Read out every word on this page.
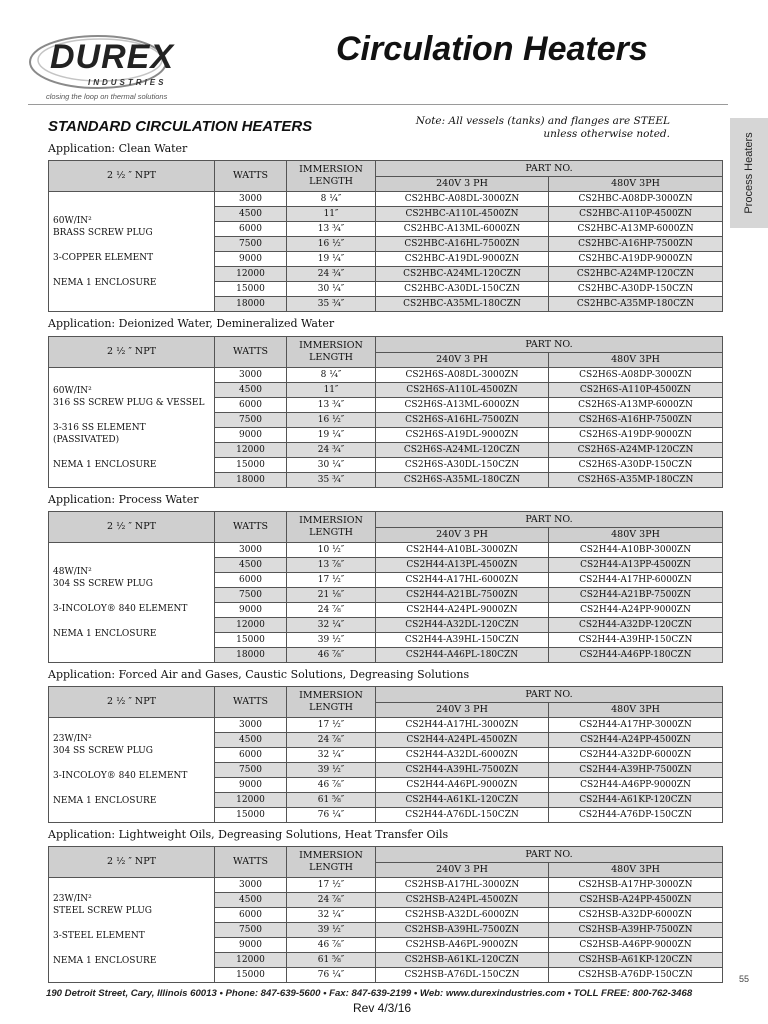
DUREX
INDUSTRIES
closing the loop on thermal solutions
Circulation Heaters
Process Heaters
STANDARD CIRCULATION HEATERS	Note: All vessels (tanks) and flanges are STEEL
unless otherwise noted.
Application: Clean Water
2 ½ ″ NPT	WATTS	IMMERSION
LENGTH	PART NO.	
			240V 3 PH	480V 3PH

60W/IN²
BRASS SCREW PLUG
3-COPPER ELEMENT
NEMA 1 ENCLOSURE	3000	8 ¼″	CS2HBC-A08DL-3000ZN	CS2HBC-A08DP-3000ZN
	4500	11″	CS2HBC-A110L-4500ZN	CS2HBC-A110P-4500ZN
	6000	13 ¾″	CS2HBC-A13ML-6000ZN	CS2HBC-A13MP-6000ZN
	7500	16 ½″	CS2HBC-A16HL-7500ZN	CS2HBC-A16HP-7500ZN
	9000	19 ¼″	CS2HBC-A19DL-9000ZN	CS2HBC-A19DP-9000ZN
	12000	24 ¾″	CS2HBC-A24ML-120CZN	CS2HBC-A24MP-120CZN
	15000	30 ¼″	CS2HBC-A30DL-150CZN	CS2HBC-A30DP-150CZN
	18000	35 ¾″	CS2HBC-A35ML-180CZN	CS2HBC-A35MP-180CZN
Application: Deionized Water, Demineralized Water
2 ½ ″ NPT	WATTS	IMMERSION
LENGTH	PART NO.	
			240V 3 PH	480V 3PH

60W/IN²
316 SS SCREW PLUG & VESSEL
3-316 SS ELEMENT
(PASSIVATED)
NEMA 1 ENCLOSURE	3000	8 ¼″	CS2H6S-A08DL-3000ZN	CS2H6S-A08DP-3000ZN
	4500	11″	CS2H6S-A110L-4500ZN	CS2H6S-A110P-4500ZN
	6000	13 ¾″	CS2H6S-A13ML-6000ZN	CS2H6S-A13MP-6000ZN
	7500	16 ½″	CS2H6S-A16HL-7500ZN	CS2H6S-A16HP-7500ZN
	9000	19 ¼″	CS2H6S-A19DL-9000ZN	CS2H6S-A19DP-9000ZN
	12000	24 ¾″	CS2H6S-A24ML-120CZN	CS2H6S-A24MP-120CZN
	15000	30 ¼″	CS2H6S-A30DL-150CZN	CS2H6S-A30DP-150CZN
	18000	35 ¾″	CS2H6S-A35ML-180CZN	CS2H6S-A35MP-180CZN
Application: Process Water
2 ½ ″ NPT	WATTS	IMMERSION
LENGTH	PART NO.	
			240V 3 PH	480V 3PH

48W/IN²
304 SS SCREW PLUG
3-INCOLOY® 840 ELEMENT
NEMA 1 ENCLOSURE	3000	10 ½″	CS2H44-A10BL-3000ZN	CS2H44-A10BP-3000ZN
	4500	13 ⅞″	CS2H44-A13PL-4500ZN	CS2H44-A13PP-4500ZN
	6000	17 ½″	CS2H44-A17HL-6000ZN	CS2H44-A17HP-6000ZN
	7500	21 ⅛″	CS2H44-A21BL-7500ZN	CS2H44-A21BP-7500ZN
	9000	24 ⅞″	CS2H44-A24PL-9000ZN	CS2H44-A24PP-9000ZN
	12000	32 ¼″	CS2H44-A32DL-120CZN	CS2H44-A32DP-120CZN
	15000	39 ½″	CS2H44-A39HL-150CZN	CS2H44-A39HP-150CZN
	18000	46 ⅞″	CS2H44-A46PL-180CZN	CS2H44-A46PP-180CZN
Application: Forced Air and Gases, Caustic Solutions, Degreasing Solutions
2 ½ ″ NPT	WATTS	IMMERSION
LENGTH	PART NO.	
			240V 3 PH	480V 3PH

23W/IN²
304 SS SCREW PLUG
3-INCOLOY® 840 ELEMENT
NEMA 1 ENCLOSURE	3000	17 ½″	CS2H44-A17HL-3000ZN	CS2H44-A17HP-3000ZN
	4500	24 ⅞″	CS2H44-A24PL-4500ZN	CS2H44-A24PP-4500ZN
	6000	32 ¼″	CS2H44-A32DL-6000ZN	CS2H44-A32DP-6000ZN
	7500	39 ½″	CS2H44-A39HL-7500ZN	CS2H44-A39HP-7500ZN
	9000	46 ⅞″	CS2H44-A46PL-9000ZN	CS2H44-A46PP-9000ZN
	12000	61 ⅝″	CS2H44-A61KL-120CZN	CS2H44-A61KP-120CZN
	15000	76 ¼″	CS2H44-A76DL-150CZN	CS2H44-A76DP-150CZN
Application: Lightweight Oils, Degreasing Solutions, Heat Transfer Oils
2 ½ ″ NPT	WATTS	IMMERSION
LENGTH	PART NO.	
			240V 3 PH	480V 3PH

23W/IN²
STEEL SCREW PLUG
3-STEEL ELEMENT
NEMA 1 ENCLOSURE	3000	17 ½″	CS2HSB-A17HL-3000ZN	CS2HSB-A17HP-3000ZN
	4500	24 ⅞″	CS2HSB-A24PL-4500ZN	CS2HSB-A24PP-4500ZN
	6000	32 ¼″	CS2HSB-A32DL-6000ZN	CS2HSB-A32DP-6000ZN
	7500	39 ½″	CS2HSB-A39HL-7500ZN	CS2HSB-A39HP-7500ZN
	9000	46 ⅞″	CS2HSB-A46PL-9000ZN	CS2HSB-A46PP-9000ZN
	12000	61 ⅝″	CS2HSB-A61KL-120CZN	CS2HSB-A61KP-120CZN
	15000	76 ¼″	CS2HSB-A76DL-150CZN	CS2HSB-A76DP-150CZN
190 Detroit Street, Cary, Illinois 60013 • Phone: 847-639-5600 • Fax: 847-639-2199 • Web: www.durexindustries.com • TOLL FREE: 800-762-3468
Rev 4/3/16
55
